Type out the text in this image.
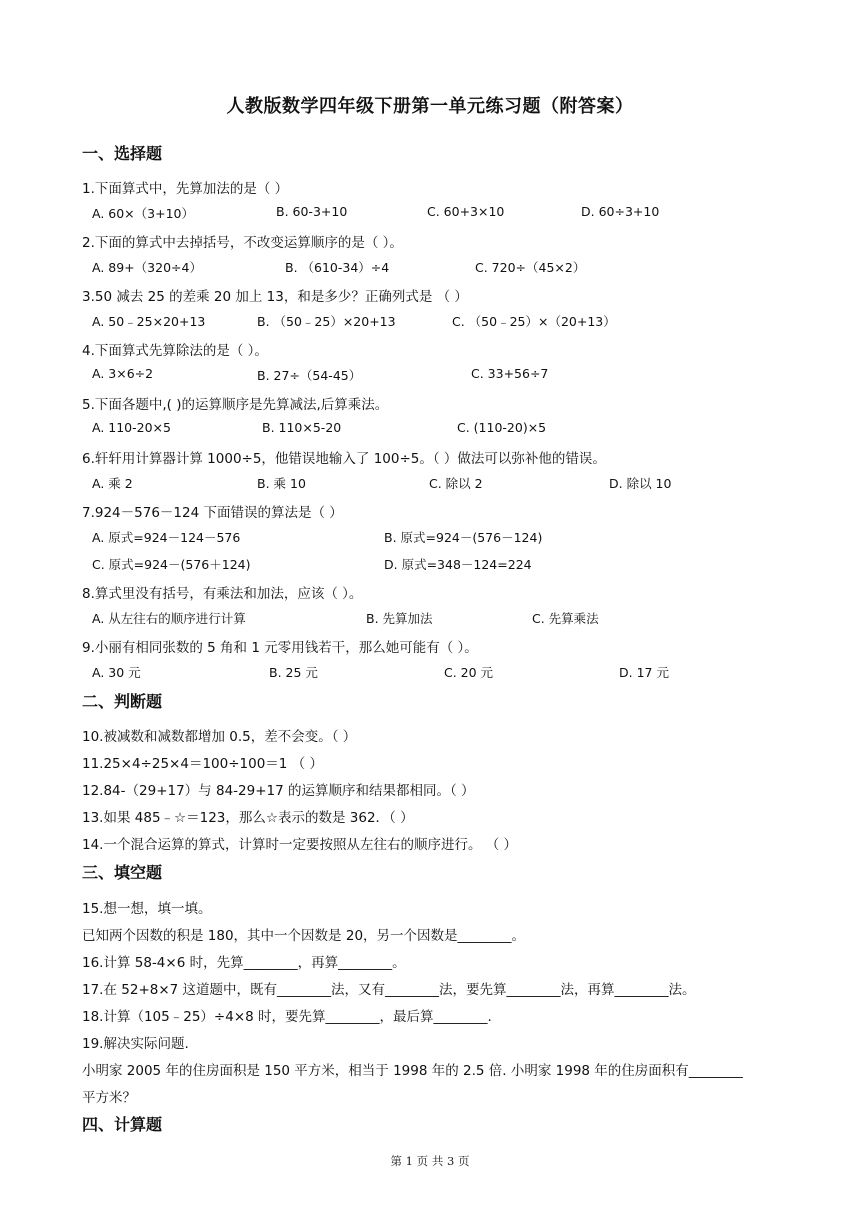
人教版数学四年级下册第一单元练习题（附答案）
一、选择题
1.下面算式中，先算加法的是（ ）
A. 60×（3+10）	B. 60-3+10	C. 60+3×10	D. 60÷3+10
2.下面的算式中去掉括号，不改变运算顺序的是（ ）。
A. 89+（320÷4）	B. （610-34）÷4	C. 720÷（45×2）
3.50 减去 25 的差乘 20 加上 13，和是多少？正确列式是 （ ）
A. 50﹣25×20+13	B. （50﹣25）×20+13	C. （50﹣25）×（20+13）
4.下面算式先算除法的是（ ）。
A. 3×6÷2	B. 27÷（54-45）	C. 33+56÷7
5.下面各题中,( )的运算顺序是先算减法,后算乘法。
A. 110-20×5	B. 110×5-20	C. (110-20)×5
6.轩轩用计算器计算 1000÷5，他错误地输入了 100÷5。（ ）做法可以弥补他的错误。
A. 乘 2	B. 乘 10	C. 除以 2	D. 除以 10
7.924－576－124 下面错误的算法是（ ）
A. 原式=924－124－576	B. 原式=924－(576－124)
C. 原式=924－(576＋124)	D. 原式=348－124=224
8.算式里没有括号，有乘法和加法，应该（ ）。
A. 从左往右的顺序进行计算	B. 先算加法	C. 先算乘法
9.小丽有相同张数的 5 角和 1 元零用钱若干，那么她可能有（ ）。
A. 30 元	B. 25 元	C. 20 元	D. 17 元
二、判断题
10.被减数和减数都增加 0.5，差不会变。（ ）
11.25×4÷25×4＝100÷100＝1 （ ）
12.84-（29+17）与 84-29+17 的运算顺序和结果都相同。（ ）
13.如果 485﹣☆＝123，那么☆表示的数是 362．（ ）
14.一个混合运算的算式，计算时一定要按照从左往右的顺序进行。 （ ）
三、填空题
15.想一想，填一填。
已知两个因数的积是 180，其中一个因数是 20，另一个因数是________。
16.计算 58-4×6 时，先算________，再算________。
17.在 52+8×7 这道题中，既有________法，又有________法，要先算________法，再算________法。
18.计算（105﹣25）÷4×8 时，要先算________，最后算________.
19.解决实际问题.
小明家 2005 年的住房面积是 150 平方米，相当于 1998 年的 2.5 倍. 小明家 1998 年的住房面积有________
平方米？
四、计算题
第 1 页 共 3 页
